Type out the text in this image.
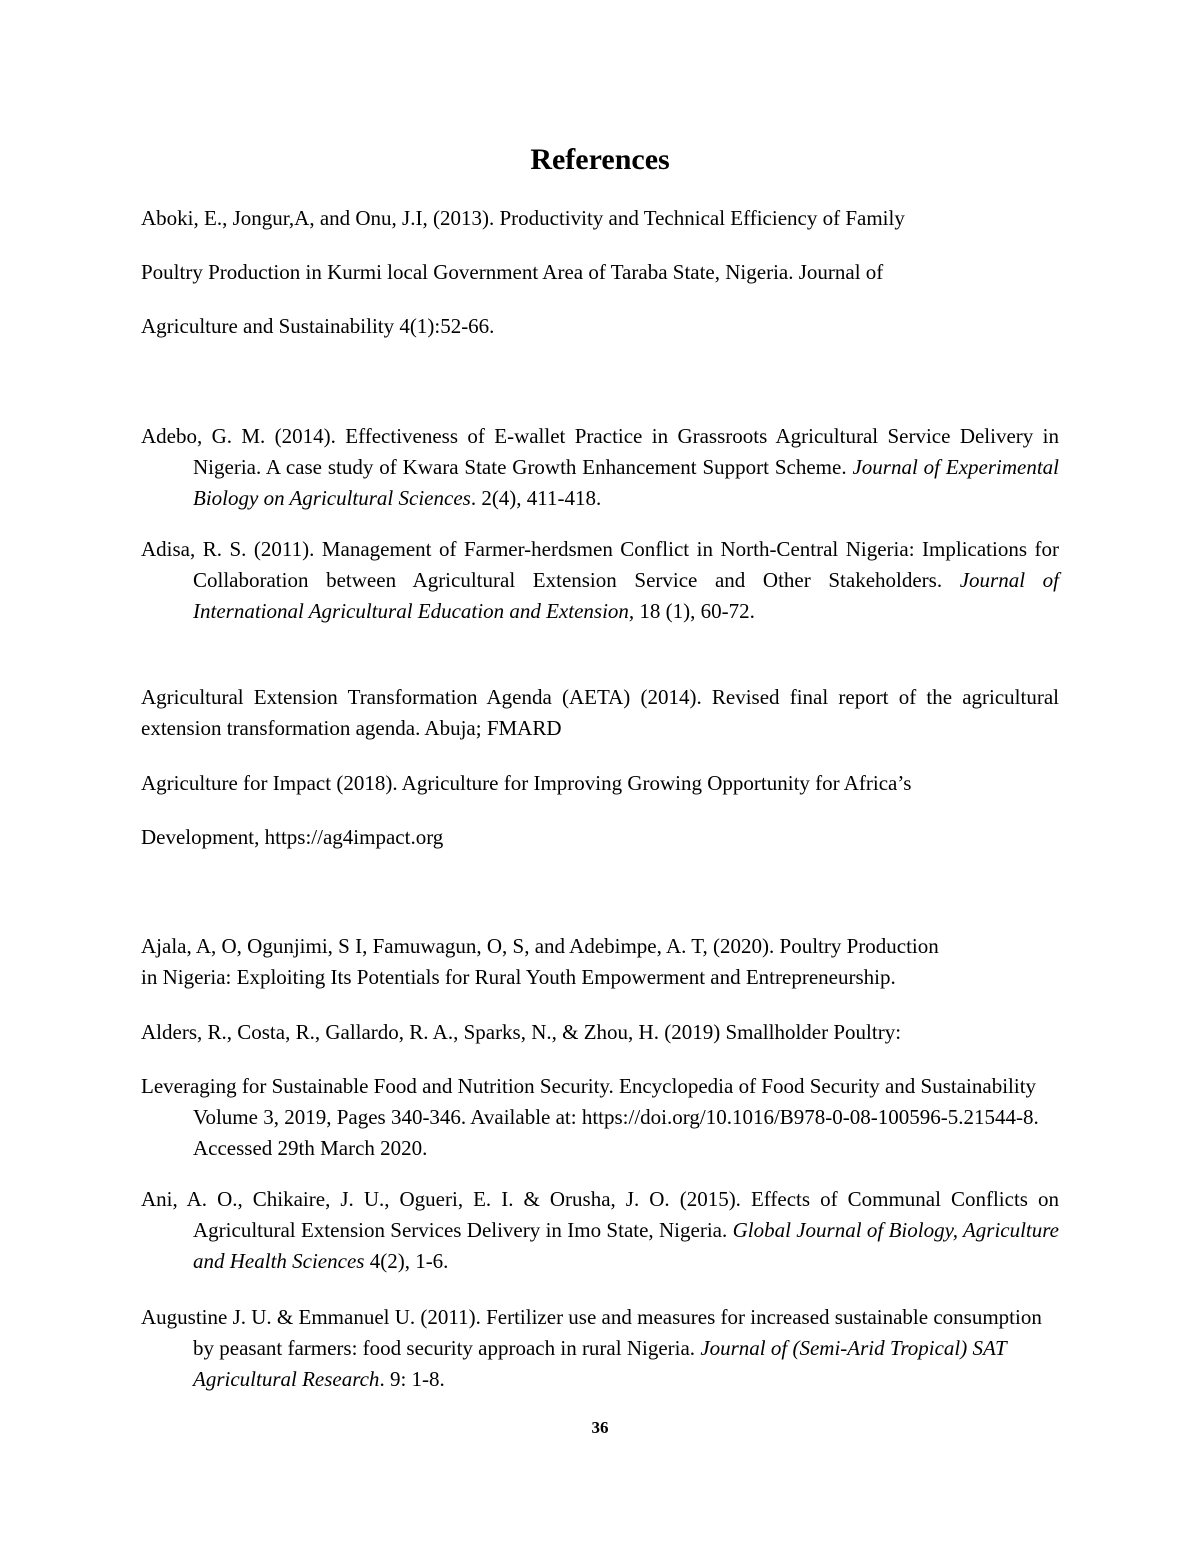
References
Aboki, E., Jongur,A, and Onu, J.I, (2013). Productivity and Technical Efficiency of Family
Poultry Production in Kurmi local Government Area of Taraba State, Nigeria. Journal of
Agriculture and Sustainability 4(1):52-66.
Adebo, G. M. (2014). Effectiveness of E-wallet Practice in Grassroots Agricultural Service Delivery in Nigeria. A case study of Kwara State Growth Enhancement Support Scheme. Journal of Experimental Biology on Agricultural Sciences. 2(4), 411-418.
Adisa, R. S. (2011). Management of Farmer-herdsmen Conflict in North-Central Nigeria: Implications for Collaboration between Agricultural Extension Service and Other Stakeholders. Journal of International Agricultural Education and Extension, 18 (1), 60-72.
Agricultural Extension Transformation Agenda (AETA) (2014). Revised final report of the agricultural extension transformation agenda. Abuja; FMARD
Agriculture for Impact (2018). Agriculture for Improving Growing Opportunity for Africa’s
Development, https://ag4impact.org
Ajala, A, O, Ogunjimi, S I, Famuwagun, O, S, and Adebimpe, A. T, (2020). Poultry Production
in Nigeria: Exploiting Its Potentials for Rural Youth Empowerment and Entrepreneurship.
Alders, R., Costa, R., Gallardo, R. A., Sparks, N., & Zhou, H. (2019) Smallholder Poultry:
Leveraging for Sustainable Food and Nutrition Security. Encyclopedia of Food Security and Sustainability Volume 3, 2019, Pages 340-346. Available at: https://doi.org/10.1016/B978-0-08-100596-5.21544-8. Accessed 29th March 2020.
Ani, A. O., Chikaire, J. U., Ogueri, E. I. & Orusha, J. O. (2015). Effects of Communal Conflicts on Agricultural Extension Services Delivery in Imo State, Nigeria. Global Journal of Biology, Agriculture and Health Sciences 4(2), 1-6.
Augustine J. U. & Emmanuel U. (2011). Fertilizer use and measures for increased sustainable consumption by peasant farmers: food security approach in rural Nigeria. Journal of (Semi-Arid Tropical) SAT Agricultural Research. 9: 1-8.
36
